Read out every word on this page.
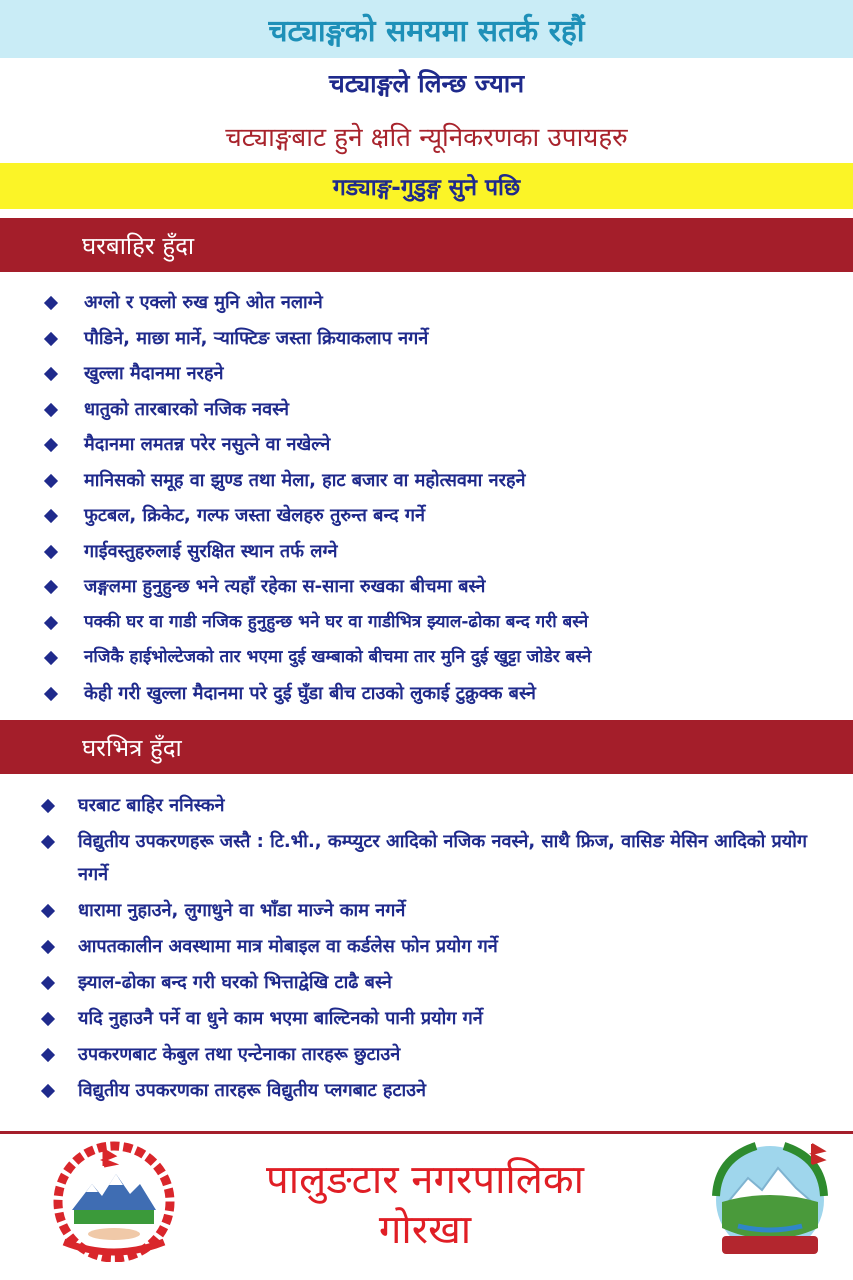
चट्याङ्गको समयमा सतर्क रहौं
चट्याङ्गले लिन्छ ज्यान
चट्याङ्गबाट हुने क्षति न्यूनिकरणका उपायहरु
गड्याङ्ग-गुडुङ्ग सुने पछि
घरबाहिर हुँदा
अग्लो र एक्लो रुख मुनि ओत नलाग्ने
पौडिने, माछा मार्ने, र्‍याफ्टिङ जस्ता क्रियाकलाप नगर्ने
खुल्ला मैदानमा नरहने
धातुको तारबारको नजिक नवस्ने
मैदानमा लमतन्न परेर नसुत्ने वा नखेल्ने
मानिसको समूह वा झुण्ड तथा मेला, हाट बजार वा महोत्सवमा नरहने
फुटबल, क्रिकेट, गल्फ जस्ता खेलहरु तुरुन्त बन्द गर्ने
गाईवस्तुहरुलाई सुरक्षित स्थान तर्फ लग्ने
जङ्गलमा हुनुहुन्छ भने त्यहाँ रहेका स-साना रुखका बीचमा बस्ने
पक्की घर वा गाडी नजिक हुनुहुन्छ भने घर वा गाडीभित्र झ्याल-ढोका बन्द गरी बस्ने
नजिकै हाईभोल्टेजको तार भएमा दुई खम्बाको बीचमा तार मुनि दुई खुट्टा जोडेर बस्ने
केही गरी खुल्ला मैदानमा परे दुई घुँडा बीच टाउको लुकाई टुक्रुक्क बस्ने
घरभित्र हुँदा
घरबाट बाहिर ननिस्कने
विद्युतीय उपकरणहरू जस्तै : टि.भी., कम्प्युटर आदिको नजिक नवस्ने, साथै फ्रिज, वासिङ मेसिन आदिको प्रयोग नगर्ने
धारामा नुहाउने, लुगाधुने वा भाँडा माज्ने काम नगर्ने
आपतकालीन अवस्थामा मात्र मोबाइल वा कर्डलेस फोन प्रयोग गर्ने
झ्याल-ढोका बन्द गरी घरको भित्ताद्वेखि टाढै बस्ने
यदि नुहाउनै पर्ने वा धुने काम भएमा बाल्टिनको पानी प्रयोग गर्ने
उपकरणबाट केबुल तथा एन्टेनाका तारहरू छुटाउने
विद्युतीय उपकरणका तारहरू विद्युतीय प्लगबाट हटाउने
पालुङटार नगरपालिका
गोरखा
